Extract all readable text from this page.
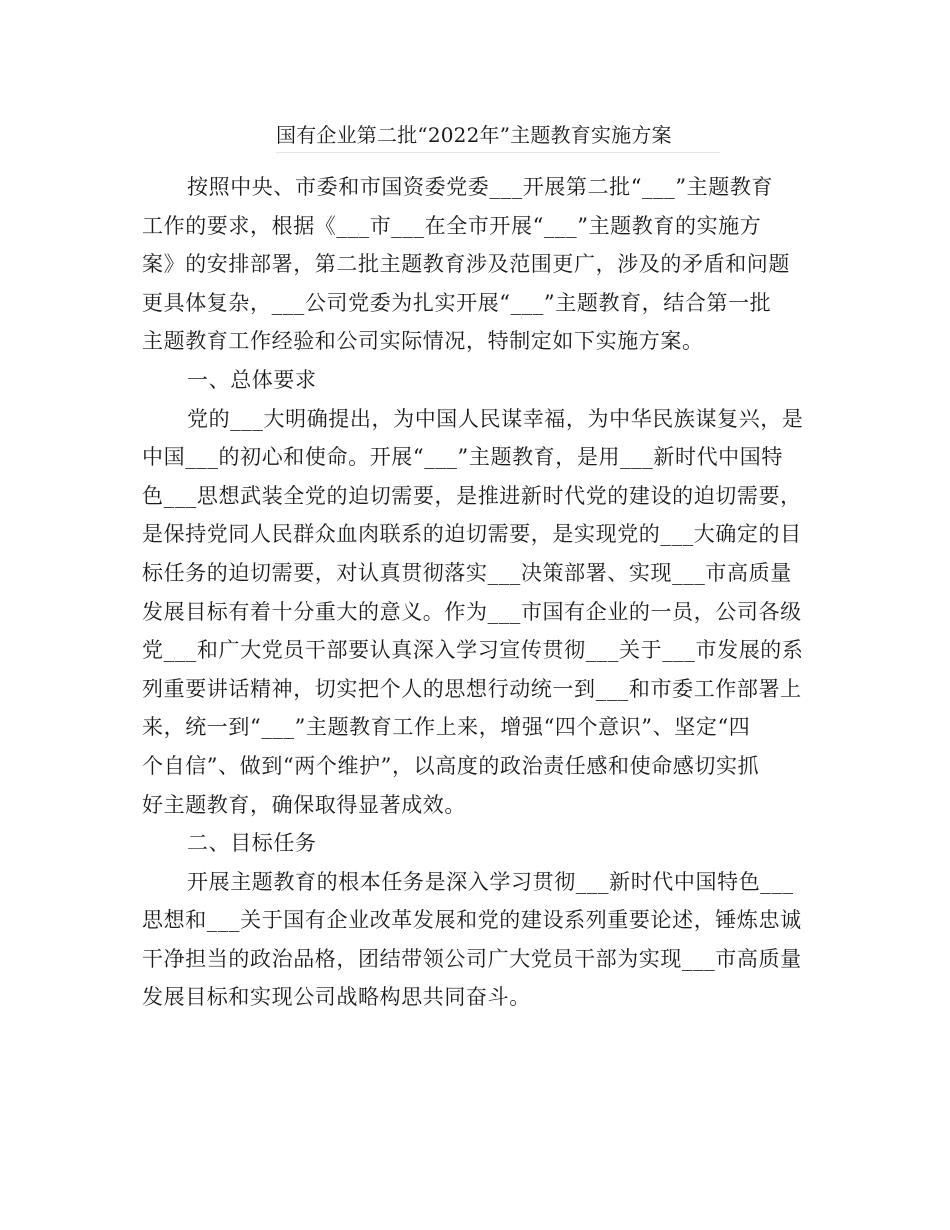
国有企业第二批“2022年”主题教育实施方案
按照中央、市委和市国资委党委___开展第二批“___”主题教育
工作的要求，根据《___市___在全市开展“___”主题教育的实施方
案》的安排部署，第二批主题教育涉及范围更广，涉及的矛盾和问题
更具体复杂，___公司党委为扎实开展“___”主题教育，结合第一批
主题教育工作经验和公司实际情况，特制定如下实施方案。
一、总体要求
党的___大明确提出，为中国人民谋幸福，为中华民族谋复兴，是
中国___的初心和使命。开展“___”主题教育，是用___新时代中国特
色___思想武装全党的迫切需要，是推进新时代党的建设的迫切需要，
是保持党同人民群众血肉联系的迫切需要，是实现党的___大确定的目
标任务的迫切需要，对认真贯彻落实___决策部署、实现___市高质量
发展目标有着十分重大的意义。作为___市国有企业的一员，公司各级
党___和广大党员干部要认真深入学习宣传贯彻___关于___市发展的系
列重要讲话精神，切实把个人的思想行动统一到___和市委工作部署上
来，统一到“___”主题教育工作上来，增强“四个意识”、坚定“四
个自信”、做到“两个维护”，以高度的政治责任感和使命感切实抓
好主题教育，确保取得显著成效。
二、目标任务
开展主题教育的根本任务是深入学习贯彻___新时代中国特色___
思想和___关于国有企业改革发展和党的建设系列重要论述，锤炼忠诚
干净担当的政治品格，团结带领公司广大党员干部为实现___市高质量
发展目标和实现公司战略构思共同奋斗。
